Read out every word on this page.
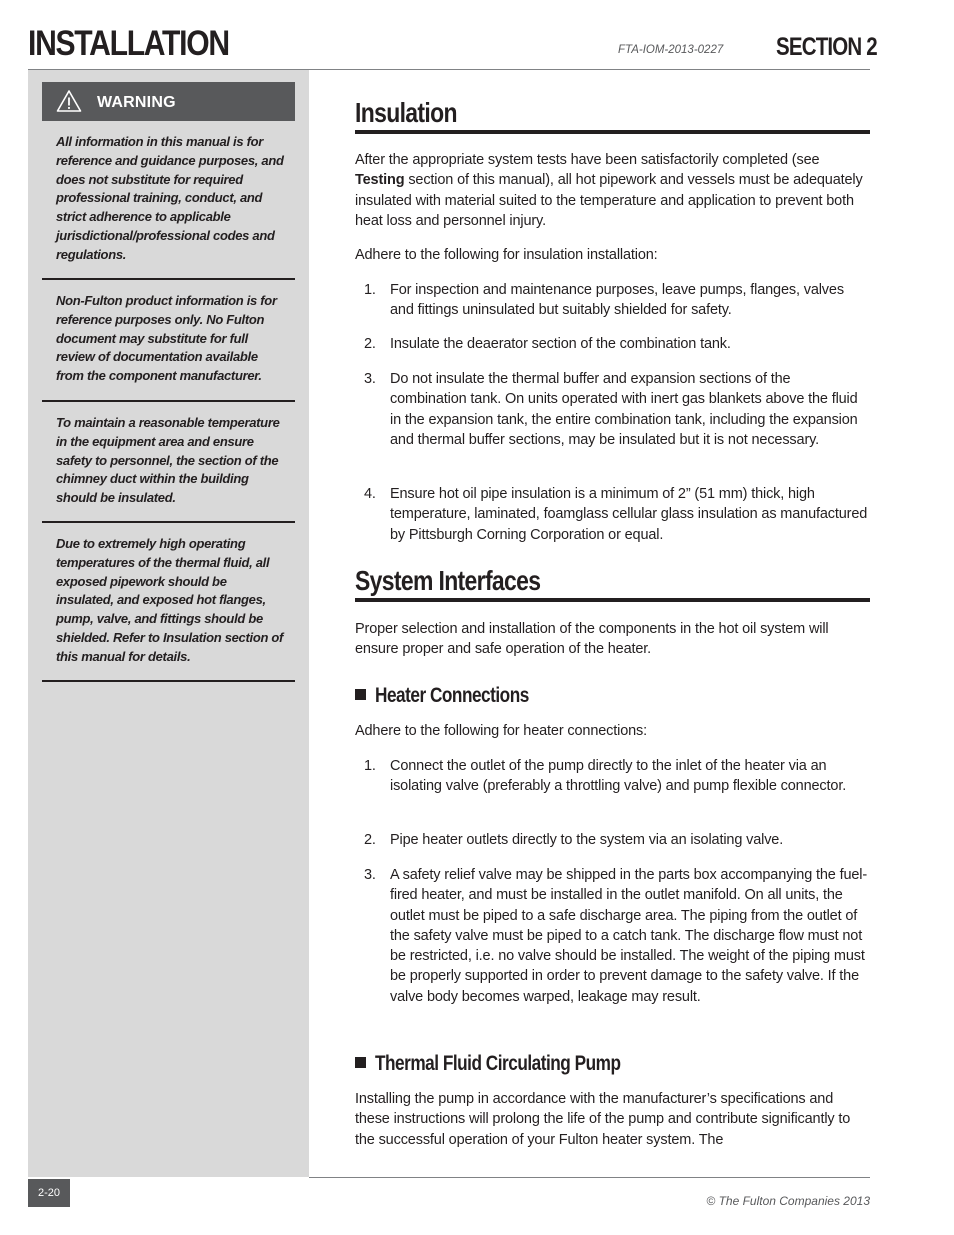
INSTALLATION	FTA-IOM-2013-0227 SECTION 2
WARNING
All information in this manual is for reference and guidance purposes, and does not substitute for required professional training, conduct, and strict adherence to applicable jurisdictional/professional codes and regulations.
Non-Fulton product information is for reference purposes only. No Fulton document may substitute for full review of documentation available from the component manufacturer.
To maintain a reasonable temperature in the equipment area and ensure safety to personnel, the section of the chimney duct within the building should be insulated.
Due to extremely high operating temperatures of the thermal fluid, all exposed pipework should be insulated, and exposed hot flanges, pump, valve, and fittings should be shielded. Refer to Insulation section of this manual for details.
Insulation
After the appropriate system tests have been satisfactorily completed (see Testing section of this manual), all hot pipework and vessels must be adequately insulated with material suited to the temperature and application to prevent both heat loss and personnel injury.
Adhere to the following for insulation installation:
1. For inspection and maintenance purposes, leave pumps, flanges, valves and fittings uninsulated but suitably shielded for safety.
2. Insulate the deaerator section of the combination tank.
3. Do not insulate the thermal buffer and expansion sections of the combination tank. On units operated with inert gas blankets above the fluid in the expansion tank, the entire combination tank, including the expansion and thermal buffer sections, may be insulated but it is not necessary.
4. Ensure hot oil pipe insulation is a minimum of 2” (51 mm) thick, high temperature, laminated, foamglass cellular glass insulation as manufactured by Pittsburgh Corning Corporation or equal.
System Interfaces
Proper selection and installation of the components in the hot oil system will ensure proper and safe operation of the heater.
Heater Connections
Adhere to the following for heater connections:
1. Connect the outlet of the pump directly to the inlet of the heater via an isolating valve (preferably a throttling valve) and pump flexible connector.
2. Pipe heater outlets directly to the system via an isolating valve.
3. A safety relief valve may be shipped in the parts box accompanying the fuel-fired heater, and must be installed in the outlet manifold. On all units, the outlet must be piped to a safe discharge area. The piping from the outlet of the safety valve must be piped to a catch tank. The discharge flow must not be restricted, i.e. no valve should be installed. The weight of the piping must be properly supported in order to prevent damage to the safety valve. If the valve body becomes warped, leakage may result.
Thermal Fluid Circulating Pump
Installing the pump in accordance with the manufacturer’s specifications and these instructions will prolong the life of the pump and contribute significantly to the successful operation of your Fulton heater system. The
2-20
© The Fulton Companies 2013
